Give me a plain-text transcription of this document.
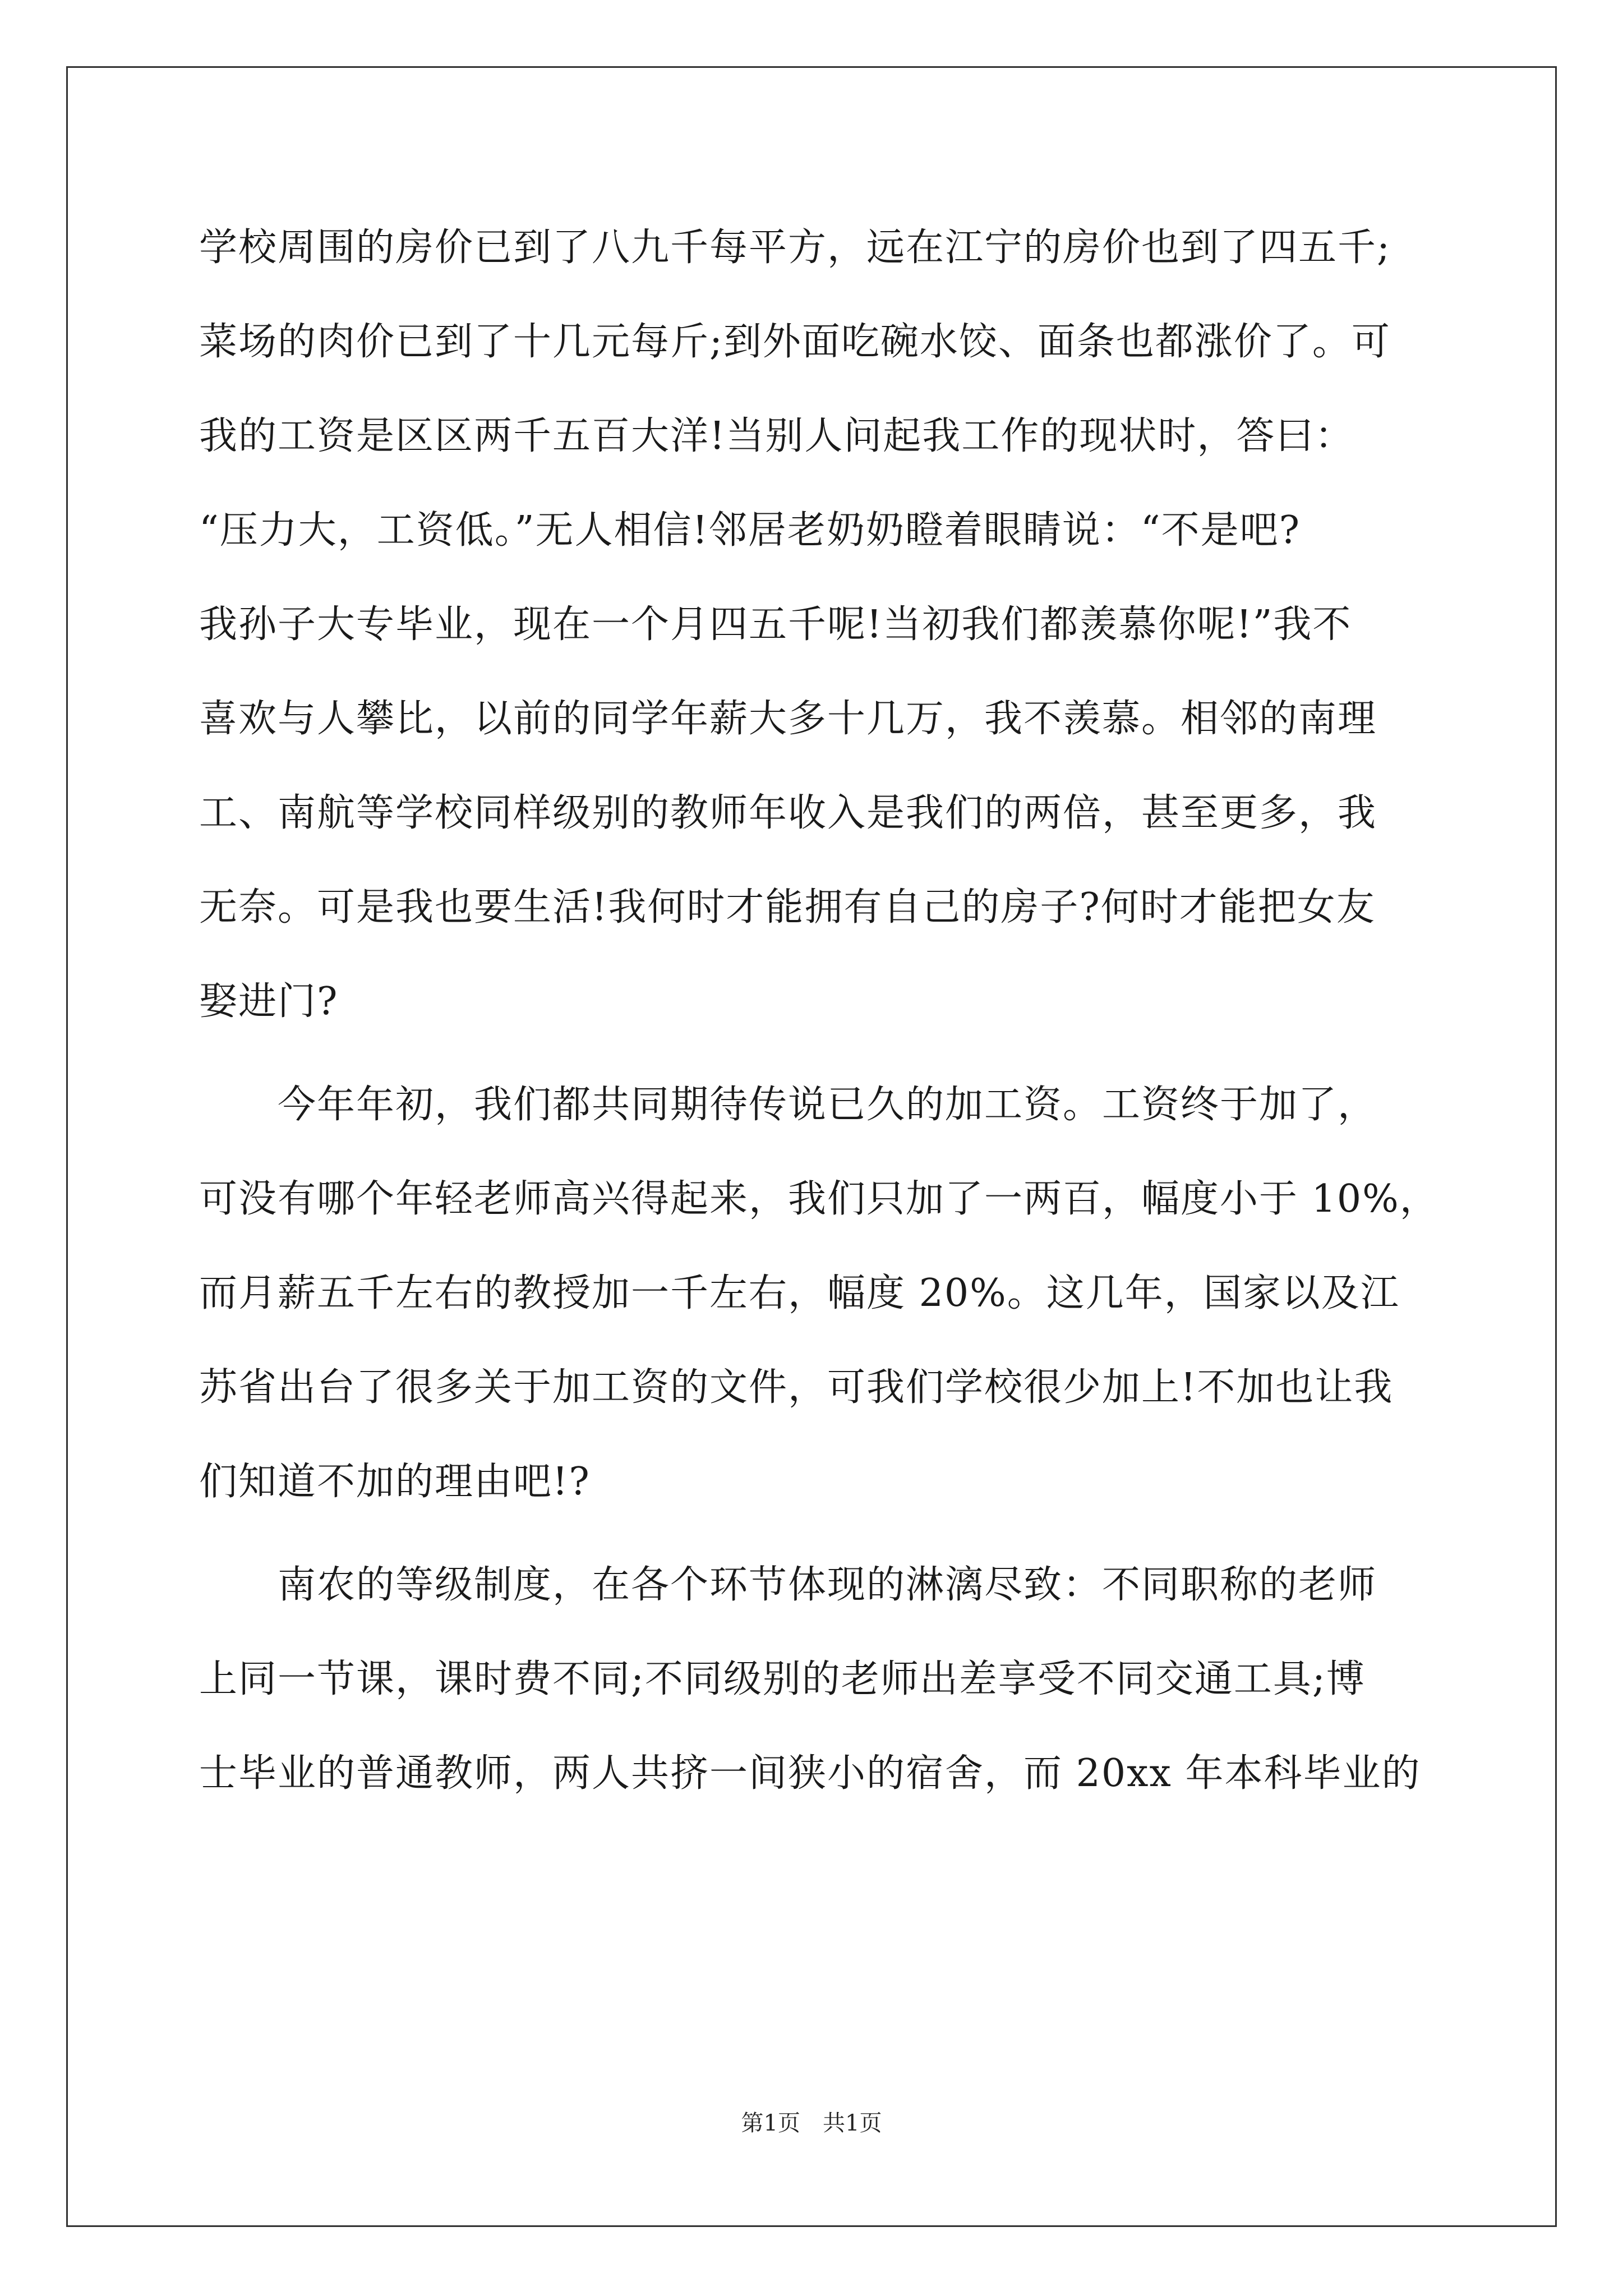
学校周围的房价已到了八九千每平方，远在江宁的房价也到了四五千;
菜场的肉价已到了十几元每斤;到外面吃碗水饺、面条也都涨价了。可
我的工资是区区两千五百大洋!当别人问起我工作的现状时，答曰：
“压力大，工资低。”无人相信!邻居老奶奶瞪着眼睛说：“不是吧?
我孙子大专毕业，现在一个月四五千呢!当初我们都羡慕你呢!”我不
喜欢与人攀比，以前的同学年薪大多十几万，我不羡慕。相邻的南理
工、南航等学校同样级别的教师年收入是我们的两倍，甚至更多，我
无奈。可是我也要生活!我何时才能拥有自己的房子?何时才能把女友
娶进门?
　　今年年初，我们都共同期待传说已久的加工资。工资终于加了，
可没有哪个年轻老师高兴得起来，我们只加了一两百，幅度小于 10%，
而月薪五千左右的教授加一千左右，幅度 20%。这几年，国家以及江
苏省出台了很多关于加工资的文件，可我们学校很少加上!不加也让我
们知道不加的理由吧!?
　　南农的等级制度，在各个环节体现的淋漓尽致：不同职称的老师
上同一节课，课时费不同;不同级别的老师出差享受不同交通工具;博
士毕业的普通教师，两人共挤一间狭小的宿舍，而 20xx 年本科毕业的
第1页　共1页
